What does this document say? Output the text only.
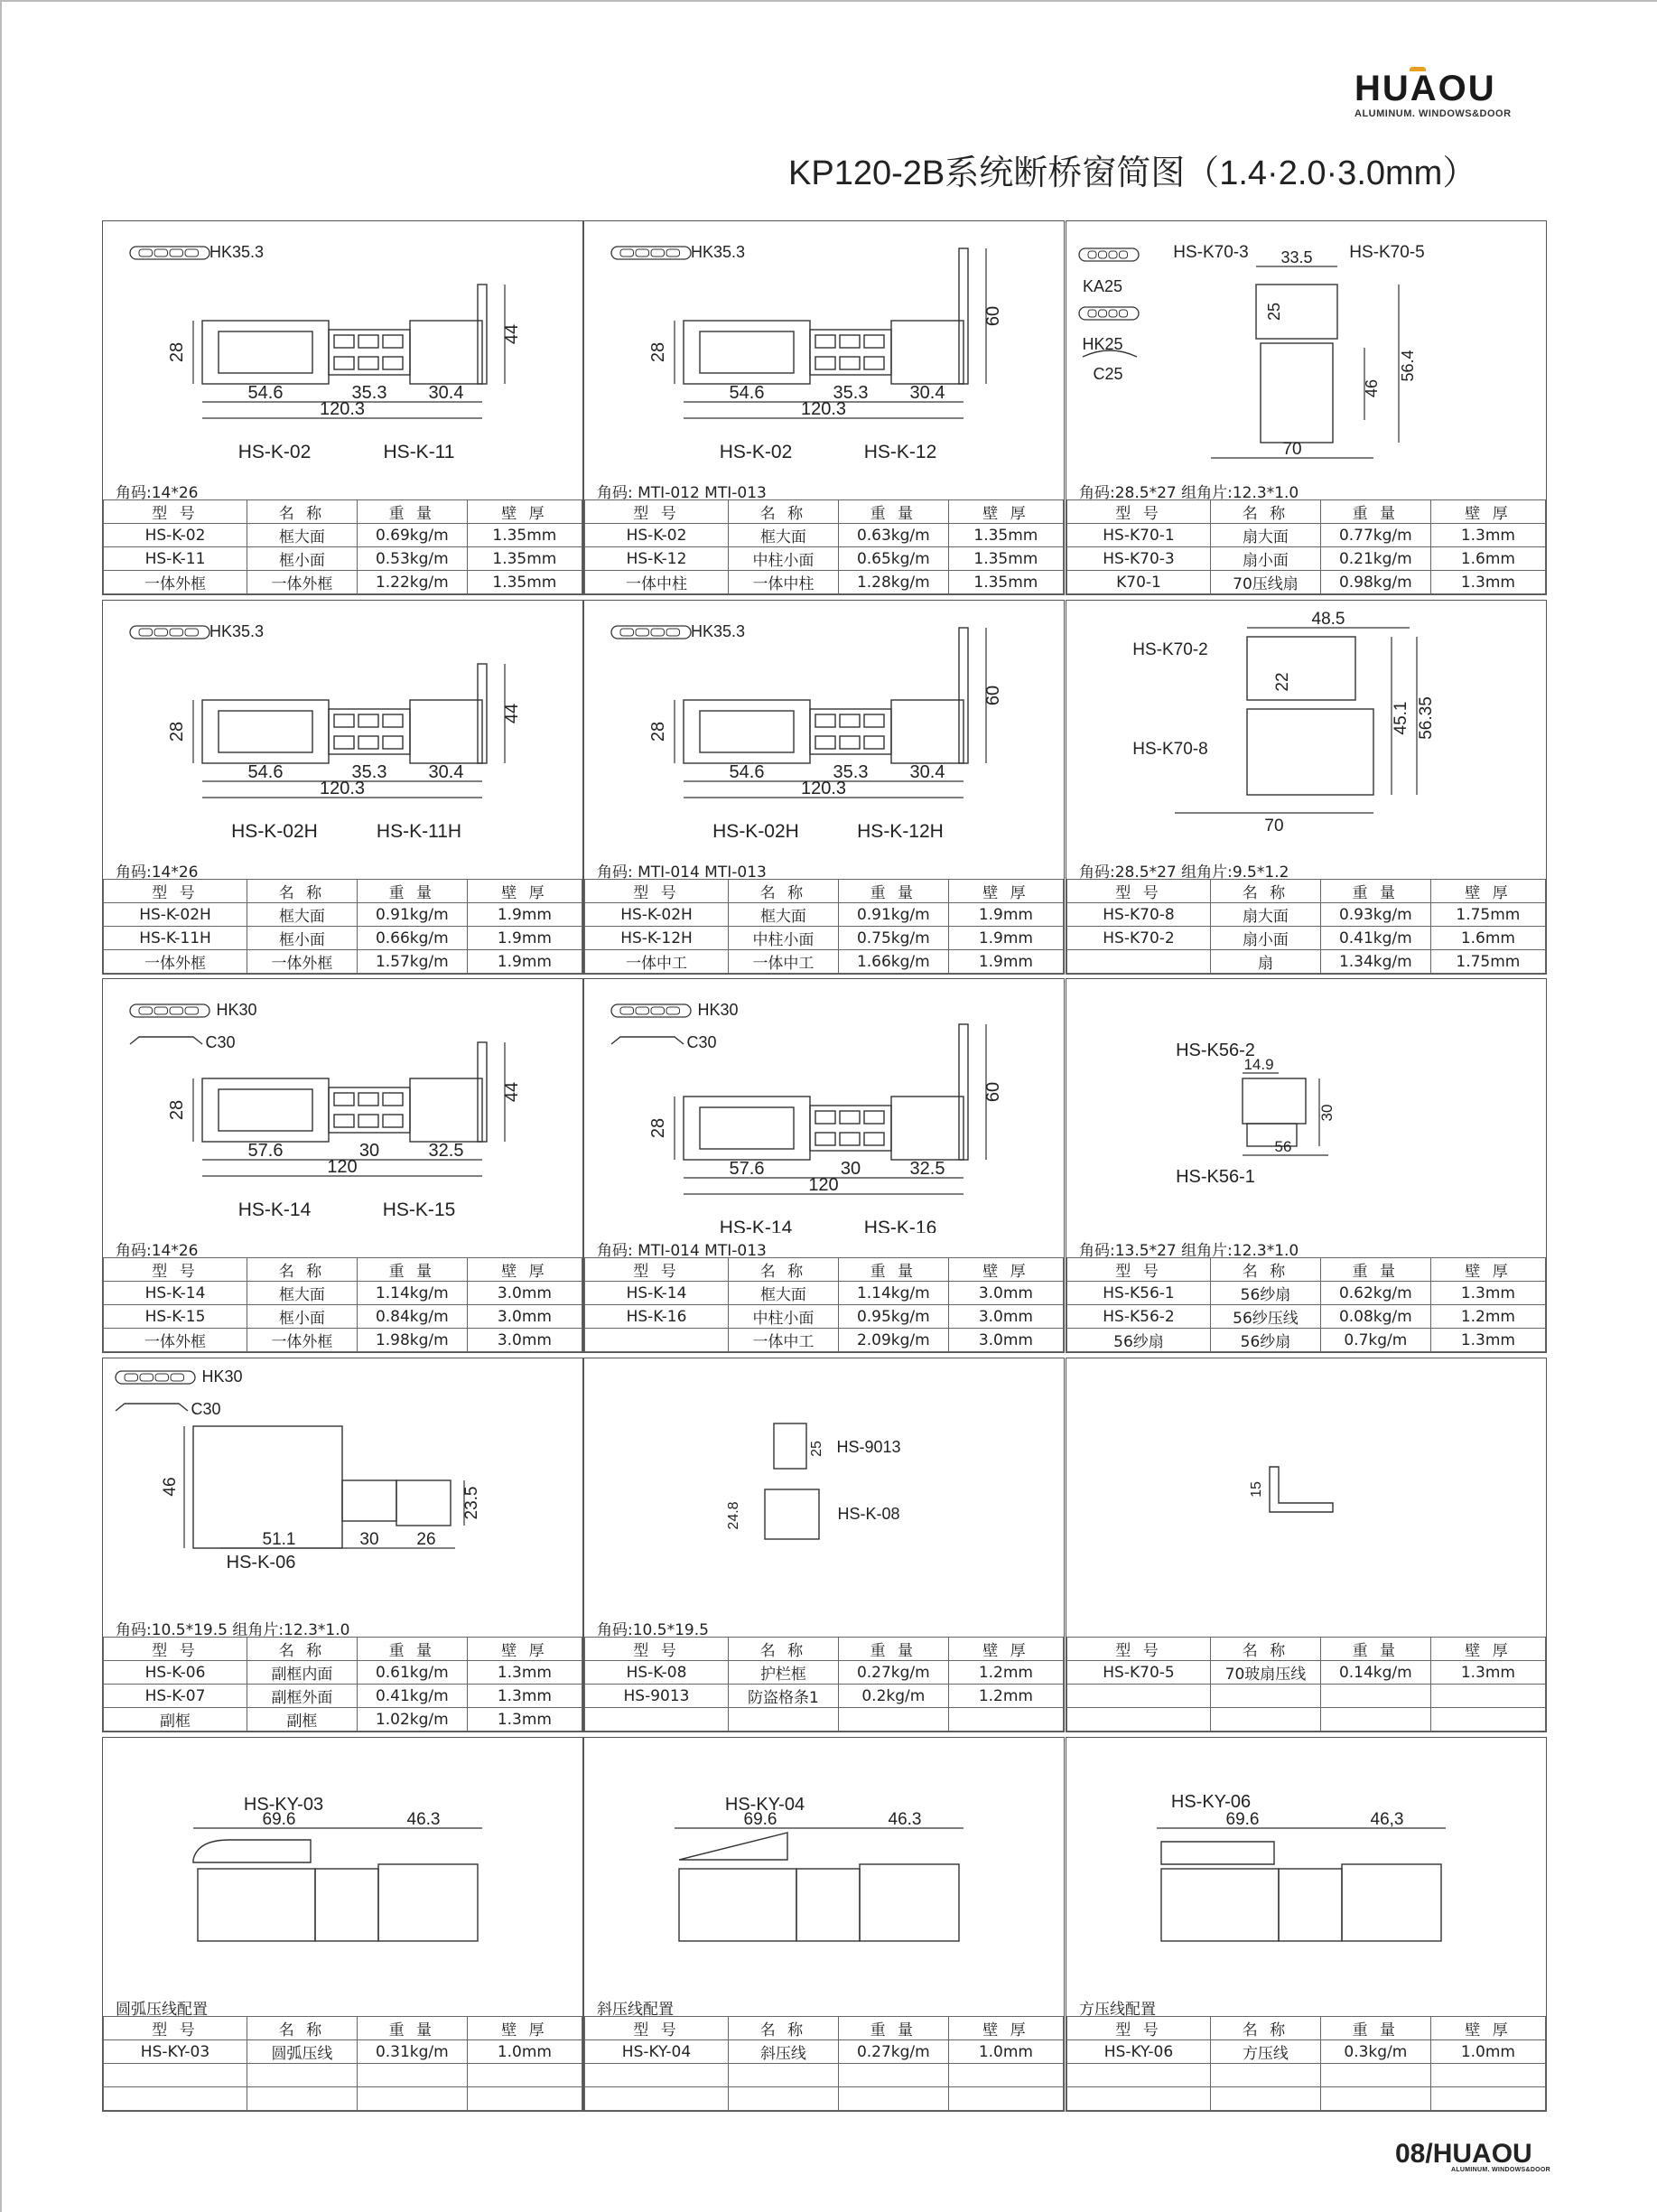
HUAOU
ALUMINUM. WINDOWS&DOOR
KP120-2B系统断桥窗简图（1.4·2.0·3.0mm）
HK35.3
28
54.6	35.3 30.4
120.3
44
HS-K-02	HS-K-11
角码:14*26
型 号	名 称	重 量	壁 厚
HS-K-02	框大面	0.69kg/m	1.35mm
HS-K-11	框小面	0.53kg/m	1.35mm
一体外框	一体外框	1.22kg/m	1.35mm
HK35.3
28
54.6	35.3 30.4
120.3
60
HS-K-02	HS-K-12
角码: MTI-012 MTI-013
型 号	名 称	重 量	壁 厚
HS-K-02	框大面	0.63kg/m	1.35mm
HS-K-12	中柱小面	0.65kg/m	1.35mm
一体中柱	一体中柱	1.28kg/m	1.35mm
KA25
HK25
C25
HS-K70-3	HS-K70-5
33.5
25
46
56.4
70
角码:28.5*27 组角片:12.3*1.0
型 号	名 称	重 量	壁 厚
HS-K70-1	扇大面	0.77kg/m	1.3mm
HS-K70-3	扇小面	0.21kg/m	1.6mm
K70-1	70压线扇	0.98kg/m	1.3mm
HK35.3
28
54.6	35.3 30.4
120.3
44
HS-K-02H	HS-K-11H
角码:14*26
型 号	名 称	重 量	壁 厚
HS-K-02H	框大面	0.91kg/m	1.9mm
HS-K-11H	框小面	0.66kg/m	1.9mm
一体外框	一体外框	1.57kg/m	1.9mm
HK35.3
28
54.6	35.3 30.4
120.3
60
HS-K-02H	HS-K-12H
角码: MTI-014 MTI-013
型 号	名 称	重 量	壁 厚
HS-K-02H	框大面	0.91kg/m	1.9mm
HS-K-12H	中柱小面	0.75kg/m	1.9mm
一体中工	一体中工	1.66kg/m	1.9mm
HS-K70-2
HS-K70-8
48.5
22
45.1 56.35
70
角码:28.5*27 组角片:9.5*1.2
型 号	名 称	重 量	壁 厚
HS-K70-8	扇大面	0.93kg/m	1.75mm
HS-K70-2	扇小面	0.41kg/m	1.6mm
	扇	1.34kg/m	1.75mm
HK30
C30
28
57.6	30	32.5
120
44
HS-K-14	HS-K-15
角码:14*26
型 号	名 称	重 量	壁 厚
HS-K-14	框大面	1.14kg/m	3.0mm
HS-K-15	框小面	0.84kg/m	3.0mm
一体外框	一体外框	1.98kg/m	3.0mm
HK30
C30
28
57.6	30	32.5
120
60
HS-K-14	HS-K-16
角码: MTI-014 MTI-013
型 号	名 称	重 量	壁 厚
HS-K-14	框大面	1.14kg/m	3.0mm
HS-K-16	中柱小面	0.95kg/m	3.0mm
	一体中工	2.09kg/m	3.0mm
HS-K56-2
14.9
30
56
HS-K56-1
角码:13.5*27 组角片:12.3*1.0
型 号	名 称	重 量	壁 厚
HS-K56-1	56纱扇	0.62kg/m	1.3mm
HS-K56-2	56纱压线	0.08kg/m	1.2mm
56纱扇	56纱扇	0.7kg/m	1.3mm
HK30
C30
46	23.5
51.1	30 26
HS-K-06
角码:10.5*19.5 组角片:12.3*1.0
型 号	名 称	重 量	壁 厚
HS-K-06	副框内面	0.61kg/m	1.3mm
HS-K-07	副框外面	0.41kg/m	1.3mm
副框	副框	1.02kg/m	1.3mm
25 HS-9013
24.8	HS-K-08
角码:10.5*19.5
型 号	名 称	重 量	壁 厚
HS-K-08	护栏框	0.27kg/m	1.2mm
HS-9013	防盗格条1	0.2kg/m	1.2mm

15
型 号	名 称	重 量	壁 厚
HS-K70-5	70玻扇压线	0.14kg/m	1.3mm

HS-KY-03
69.6	46.3
圆弧压线配置
型 号	名 称	重 量	壁 厚
HS-KY-03	圆弧压线	0.31kg/m	1.0mm

HS-KY-04
69.6	46.3
斜压线配置
型 号	名 称	重 量	壁 厚
HS-KY-04	斜压线	0.27kg/m	1.0mm

HS-KY-06
69.6	46,3
方压线配置
型 号	名 称	重 量	壁 厚
HS-KY-06	方压线	0.3kg/m	1.0mm

08/HUAOU
ALUMINUM. WINDOWS&DOOR
